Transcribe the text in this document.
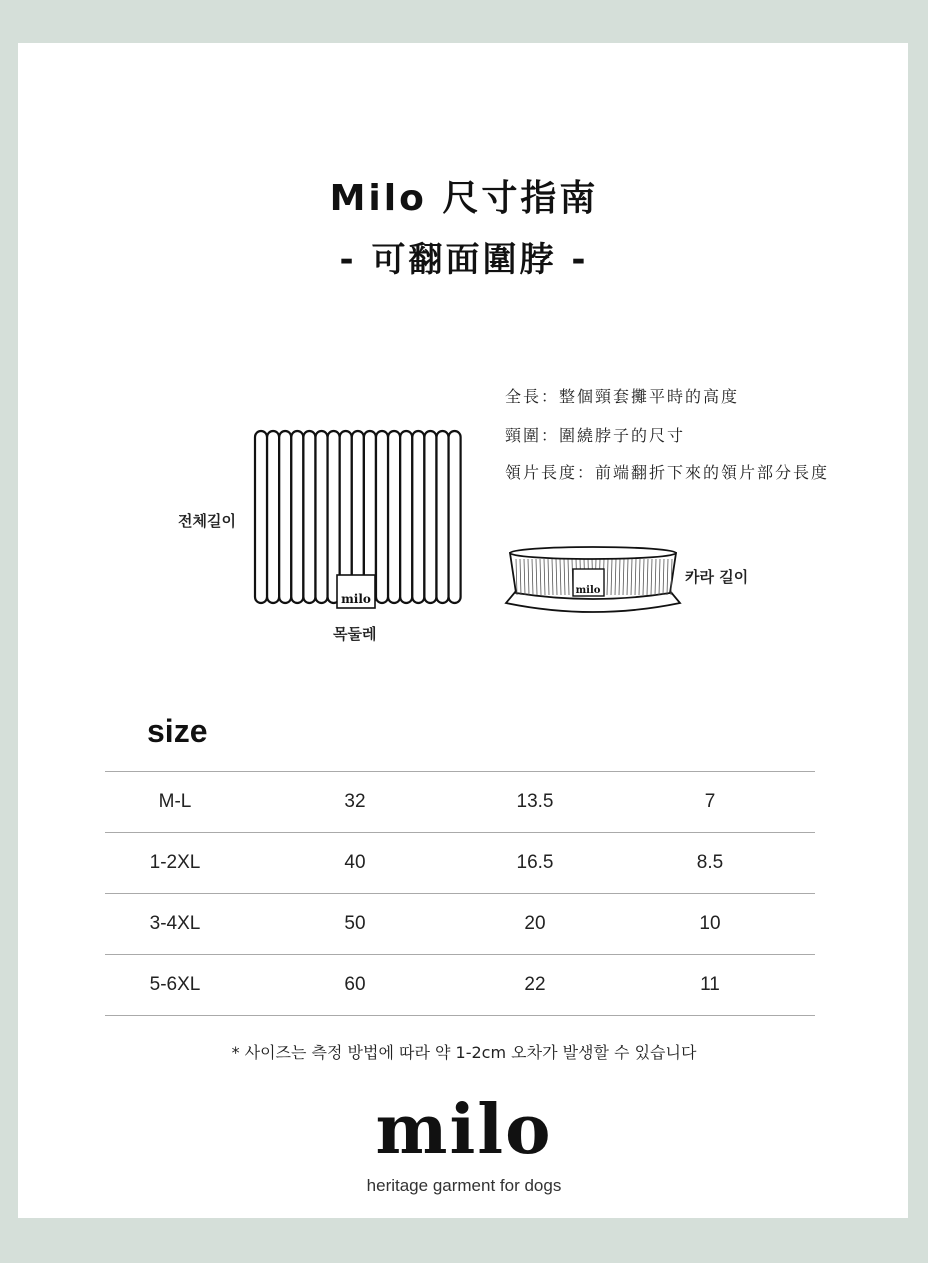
Milo 尺寸指南
- 可翻面圍脖 -
全長：整個頸套攤平時的高度
頸圍：圍繞脖子的尺寸
領片長度：前端翻折下來的領片部分長度
milo
전체길이
목둘레
milo
카라 길이
size
M-L	32	13.5	7
1-2XL	40	16.5	8.5
3-4XL	50	20	10
5-6XL	60	22	11
* 사이즈는 측정 방법에 따라 약 1-2cm 오차가 발생할 수 있습니다
milo
heritage garment for dogs
